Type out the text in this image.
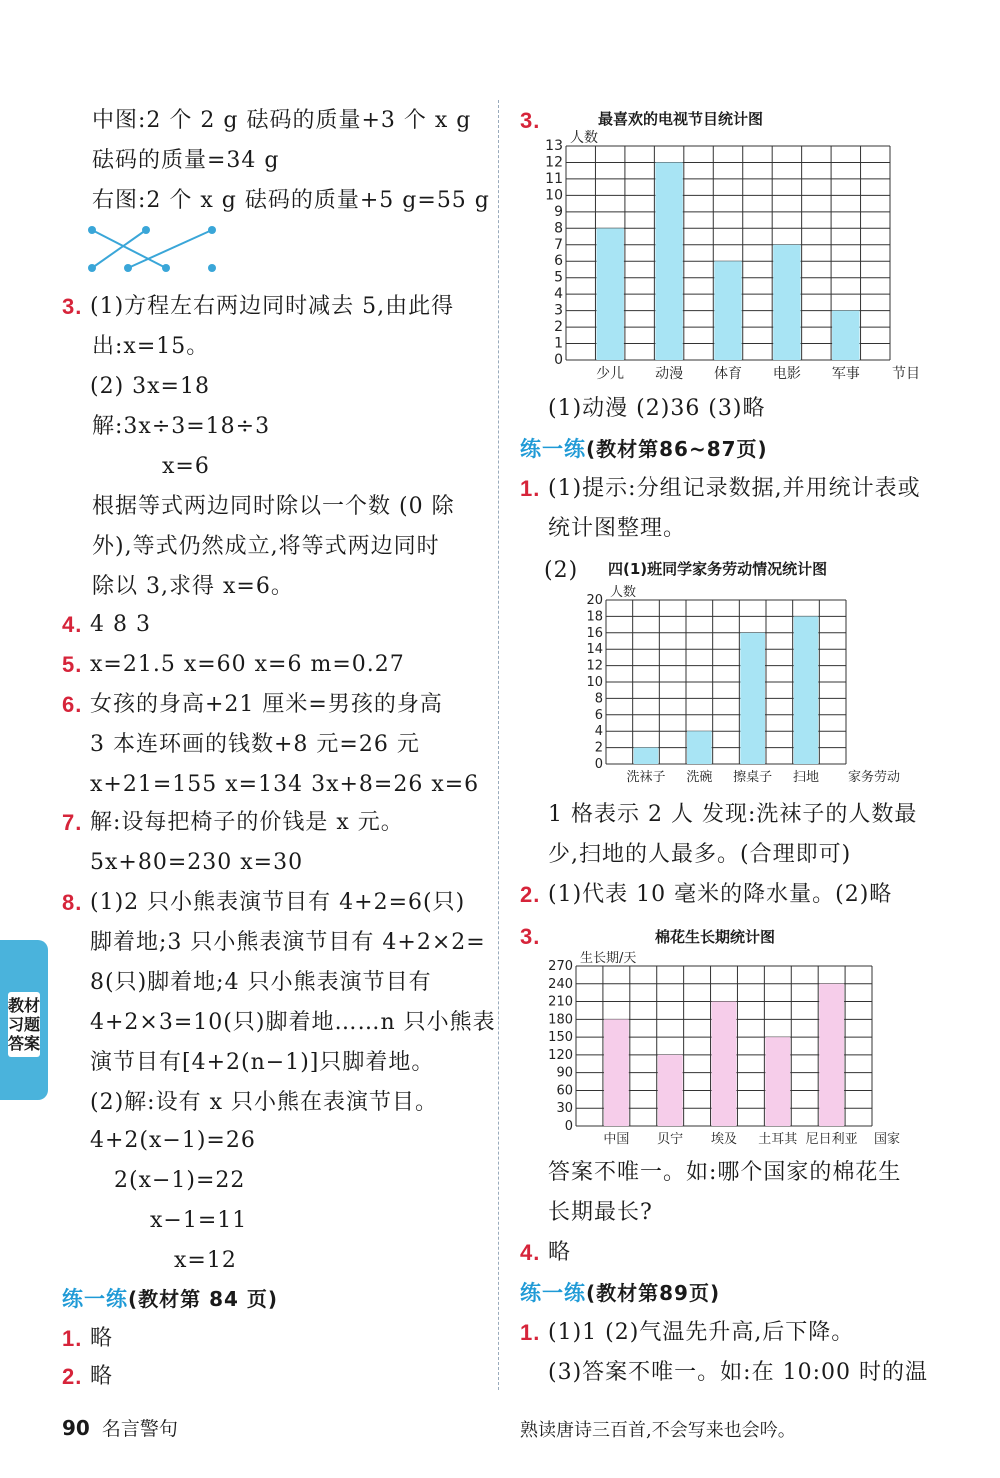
中图:2 个 2 g 砝码的质量+3 个 x g
砝码的质量=34 g
右图:2 个 x g 砝码的质量+5 g=55 g
3. (1)方程左右两边同时减去 5,由此得
出:x=15。
(2) 3x=18
解:3x÷3=18÷3
x=6
根据等式两边同时除以一个数 (0 除
外),等式仍然成立,将等式两边同时
除以 3,求得 x=6。
4. 4 8 3
5. x=21.5 x=60 x=6 m=0.27
6. 女孩的身高+21 厘米=男孩的身高
3 本连环画的钱数+8 元=26 元
x+21=155 x=134 3x+8=26 x=6
7. 解:设每把椅子的价钱是 x 元。
5x+80=230 x=30
8. (1)2 只小熊表演节目有 4+2=6(只)
脚着地;3 只小熊表演节目有 4+2×2=
8(只)脚着地;4 只小熊表演节目有
4+2×3=10(只)脚着地……n 只小熊表
演节目有[4+2(n−1)]只脚着地。
(2)解:设有 x 只小熊在表演节目。
4+2(x−1)=26
2(x−1)=22
x−1=11
x=12
练一练(教材第 84 页)
1. 略
2. 略
3.	最喜欢的电视节目统计图
0
1
2
3
4
5
6
7
8
9
10
11
12
13
少儿 动漫 体育 电影 军事
人数
节目
(1)动漫 (2)36 (3)略
练一练(教材第86~87页)
1. (1)提示:分组记录数据,并用统计表或
统计图整理。
(2) 四(1)班同学家务劳动情况统计图
0
2
4
6
8
10
12
14
16
18
20
洗袜子 洗碗 擦桌子 扫地
人数
家务劳动
1 格表示 2 人 发现:洗袜子的人数最
少,扫地的人最多。(合理即可)
2. (1)代表 10 毫米的降水量。(2)略
3.	棉花生长期统计图
0
30
60
90
120
150
180
210
240
270
中国 贝宁 埃及 土耳其 尼日利亚
生长期/天
国家
答案不唯一。如:哪个国家的棉花生
长期最长?
4. 略
练一练(教材第89页)
1. (1)1 (2)气温先升高,后下降。
(3)答案不唯一。如:在 10:00 时的温
教材习题答案
90 名言警句	熟读唐诗三百首,不会写来也会吟。
